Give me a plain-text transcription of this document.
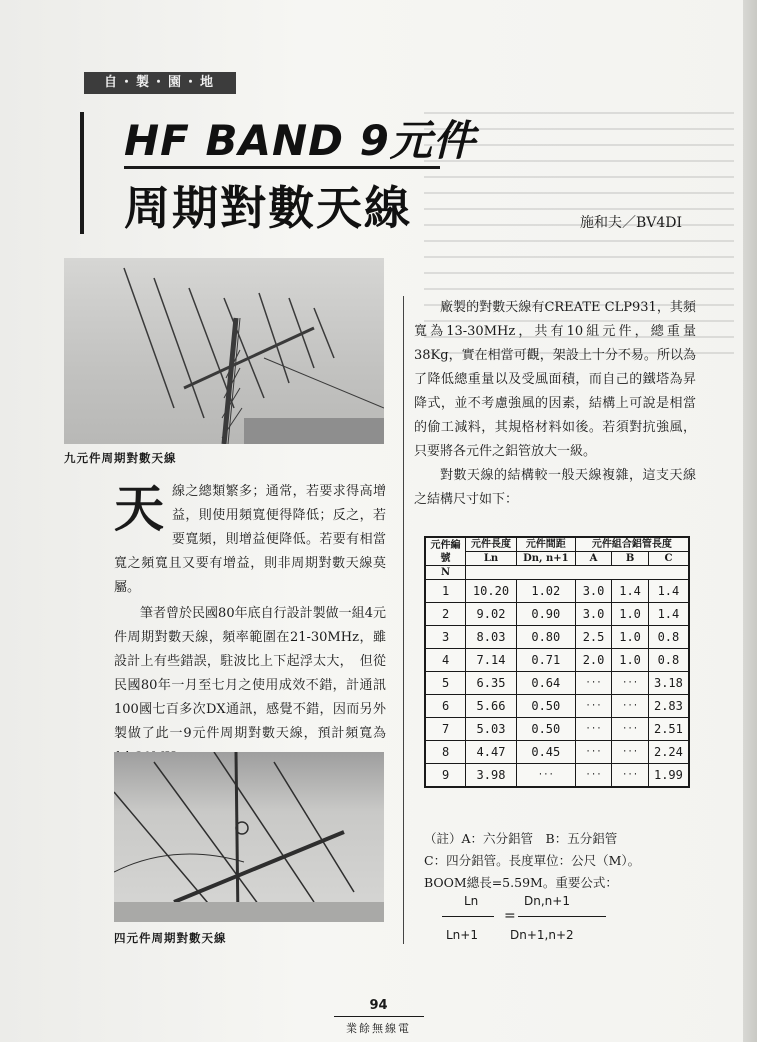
自・製・園・地
HF BAND 9元件
周期對數天線	施和夫／BV4DI
九元件周期對數天線

天線之總類繁多；通常，若要求得高增益，則使用頻寬便得降低；反之，若要寬頻，則增益便降低。若要有相當寬之頻寬且又要有增益，則非周期對數天線莫屬。

筆者曾於民國80年底自行設計製做一組4元件周期對數天線，頻率範圍在21-30MHz，雖設計上有些錯誤，駐波比上下起浮太大，　但從民國80年一月至七月之使用成效不錯，計通訊100國七百多次DX通訊，感覺不錯，因而另外製做了此一9元件周期對數天線，預計頻寬為

四元件周期對數天線

廠製的對數天線有CREATE CLP931，其頻寬為13-30MHz，共有10組元件，總重量38Kg，實在相當可觀，架設上十分不易。所以為了降低總重量以及受風面積，而自己的鐵塔為昇降式，並不考慮強風的因素，結構上可說是相當的偷工減料，其規格材料如後。若須對抗強風，只要將各元件之鋁管放大一級。

對數天線的結構較一般天線複雜，這支天線之結構尺寸如下：

元件編號	元件長度	元件間距	元件組合鋁管長度		
	Ln	Dn, n+1	A	B	C
N					
1	10.20	1.02	3.0	1.4	1.4
2	9.02	0.90	3.0	1.0	1.4
3	8.03	0.80	2.5	1.0	0.8
4	7.14	0.71	2.0	1.0	0.8
5	6.35	0.64	···	···	3.18
6	5.66	0.50	···	···	2.83
7	5.03	0.50	···	···	2.51
8	4.47	0.45	···	···	2.24
9	3.98	···	···	···	1.99
（註）A：六分鋁管　B：五分鋁管
C：四分鋁管。長度單位：公尺（M）。
BOOM總長=5.59M。重要公式：
Ln
Ln+1
=
Dn,n+1
Dn+1,n+2
94
業餘無線電
